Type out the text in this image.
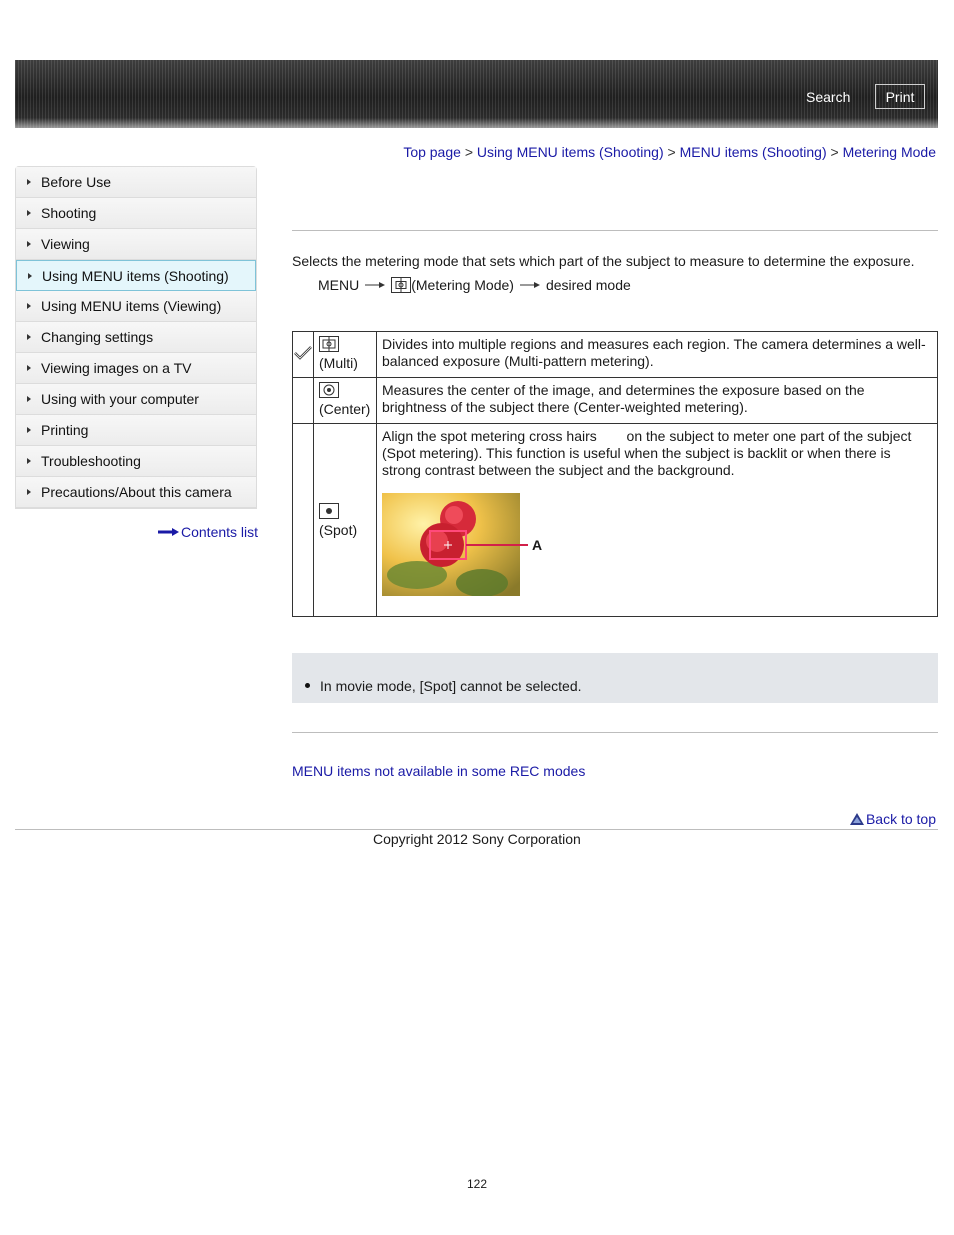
Search	Print
Top page > Using MENU items (Shooting) > MENU items (Shooting) > Metering Mode
Before Use
Shooting
Viewing
Using MENU items (Shooting)
Using MENU items (Viewing)
Changing settings
Viewing images on a TV
Using with your computer
Printing
Troubleshooting
Precautions/About this camera
Contents list
Selects the metering mode that sets which part of the subject to measure to determine the exposure.
MENU	(Metering Mode) desired mode

(Multi)	Divides into multiple regions and measures each region. The camera determines a well-balanced exposure (Multi-pattern metering).

	(Center)	Measures the center of the image, and determines the exposure based on the brightness of the subject there (Center-weighted metering).

	(Spot)	Align the spot metering cross hairs on the subject to meter one part of the subject (Spot metering). This function is useful when the subject is backlit or when there is strong contrast between the subject and the background.
A
In movie mode, [Spot] cannot be selected.
MENU items not available in some REC modes
Back to top
Copyright 2012 Sony Corporation
122
